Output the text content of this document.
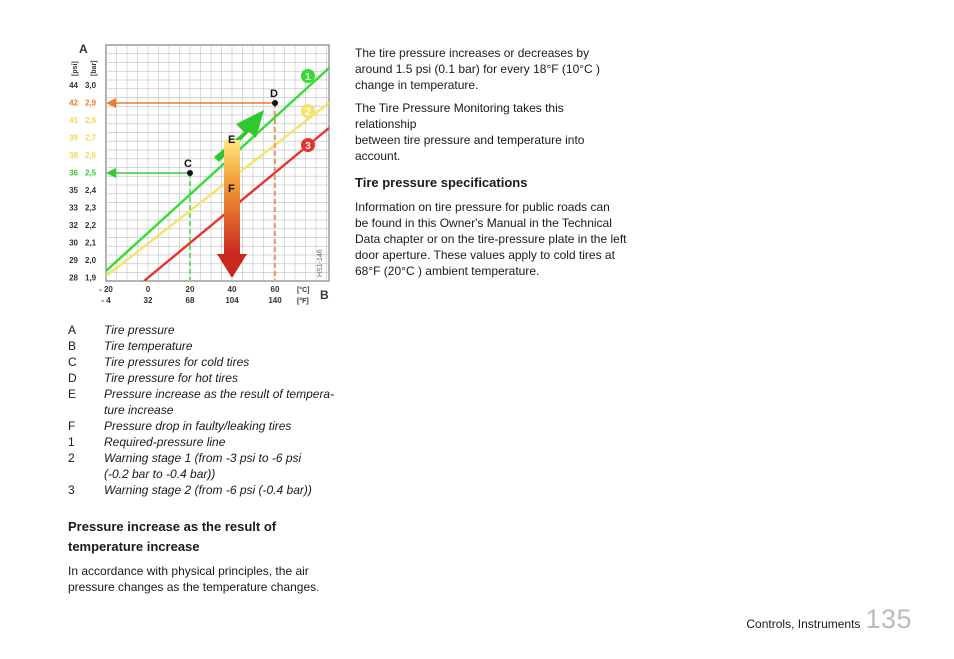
C
D
E
F
1
2
3
HS1-146
A
B
[psi] [bar]
[°C]
[°F]
44
42
41
39
38
36
35
33
32
30
29
28
3,0
2,9
2,8
2,7
2,6
2,5
2,4
2,3
2,2
2,1
2,0
1,9
- 20	0	20	40	60
- 4	32	68	104	140
A	Tire pressure
B	Tire temperature
C	Tire pressures for cold tires
D	Tire pressure for hot tires
E	Pressure increase as the result of tempera-
ture increase
F	Pressure drop in faulty/leaking tires
1	Required-pressure line
2	Warning stage 1 (from -3 psi to -6 psi
(-0.2 bar to -0.4 bar))
3	Warning stage 2 (from -6 psi (-0.4 bar))
Pressure increase as the result of
temperature increase

In accordance with physical principles, the air
pressure changes as the temperature changes.

The tire pressure increases or decreases by
around 1.5 psi (0.1 bar) for every 18°F (10°C )
change in temperature.

The Tire Pressure Monitoring takes this relationship
between tire pressure and temperature into
account.

Tire pressure specifications

Information on tire pressure for public roads can
be found in this Owner's Manual in the Technical
Data chapter or on the tire-pressure plate in the left
door aperture. These values apply to cold tires at
68°F (20°C ) ambient temperature.

Controls, Instruments 135
